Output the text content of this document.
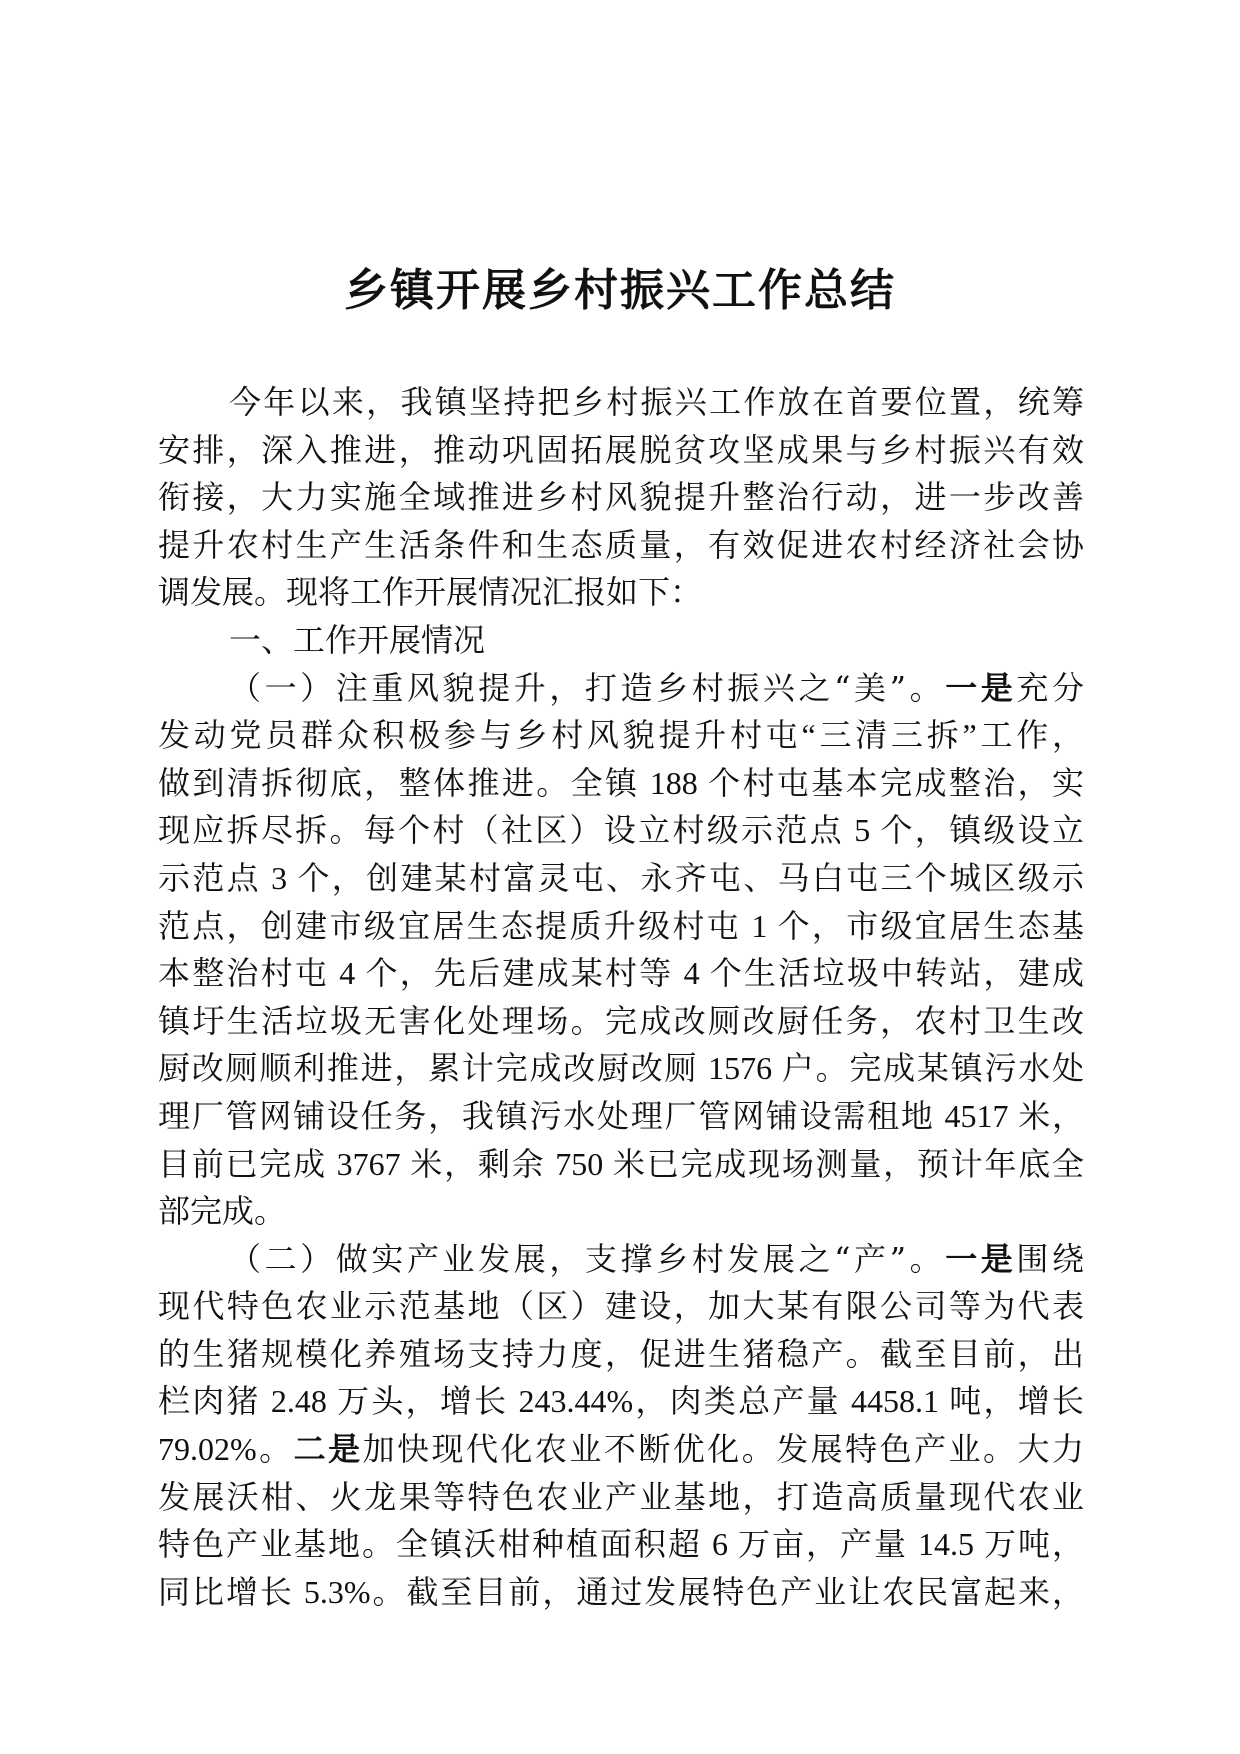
乡镇开展乡村振兴工作总结
今年以来，我镇坚持把乡村振兴工作放在首要位置，统筹
安排，深入推进，推动巩固拓展脱贫攻坚成果与乡村振兴有效
衔接，大力实施全域推进乡村风貌提升整治行动，进一步改善
提升农村生产生活条件和生态质量，有效促进农村经济社会协
调发展。现将工作开展情况汇报如下：
一、工作开展情况
（一）注重风貌提升，打造乡村振兴之“美”。一是充分
发动党员群众积极参与乡村风貌提升村屯“三清三拆”工作，
做到清拆彻底，整体推进。全镇 188 个村屯基本完成整治，实
现应拆尽拆。每个村（社区）设立村级示范点 5 个，镇级设立
示范点 3 个，创建某村富灵屯、永齐屯、马白屯三个城区级示
范点，创建市级宜居生态提质升级村屯 1 个，市级宜居生态基
本整治村屯 4 个，先后建成某村等 4 个生活垃圾中转站，建成
镇圩生活垃圾无害化处理场。完成改厕改厨任务，农村卫生改
厨改厕顺利推进，累计完成改厨改厕 1576 户。完成某镇污水处
理厂管网铺设任务，我镇污水处理厂管网铺设需租地 4517 米，
目前已完成 3767 米，剩余 750 米已完成现场测量，预计年底全
部完成。
（二）做实产业发展，支撑乡村发展之“产”。一是围绕
现代特色农业示范基地（区）建设，加大某有限公司等为代表
的生猪规模化养殖场支持力度，促进生猪稳产。截至目前，出
栏肉猪 2.48 万头，增长 243.44%，肉类总产量 4458.1 吨，增长
79.02%。二是加快现代化农业不断优化。发展特色产业。大力
发展沃柑、火龙果等特色农业产业基地，打造高质量现代农业
特色产业基地。全镇沃柑种植面积超 6 万亩，产量 14.5 万吨，
同比增长 5.3%。截至目前，通过发展特色产业让农民富起来，
